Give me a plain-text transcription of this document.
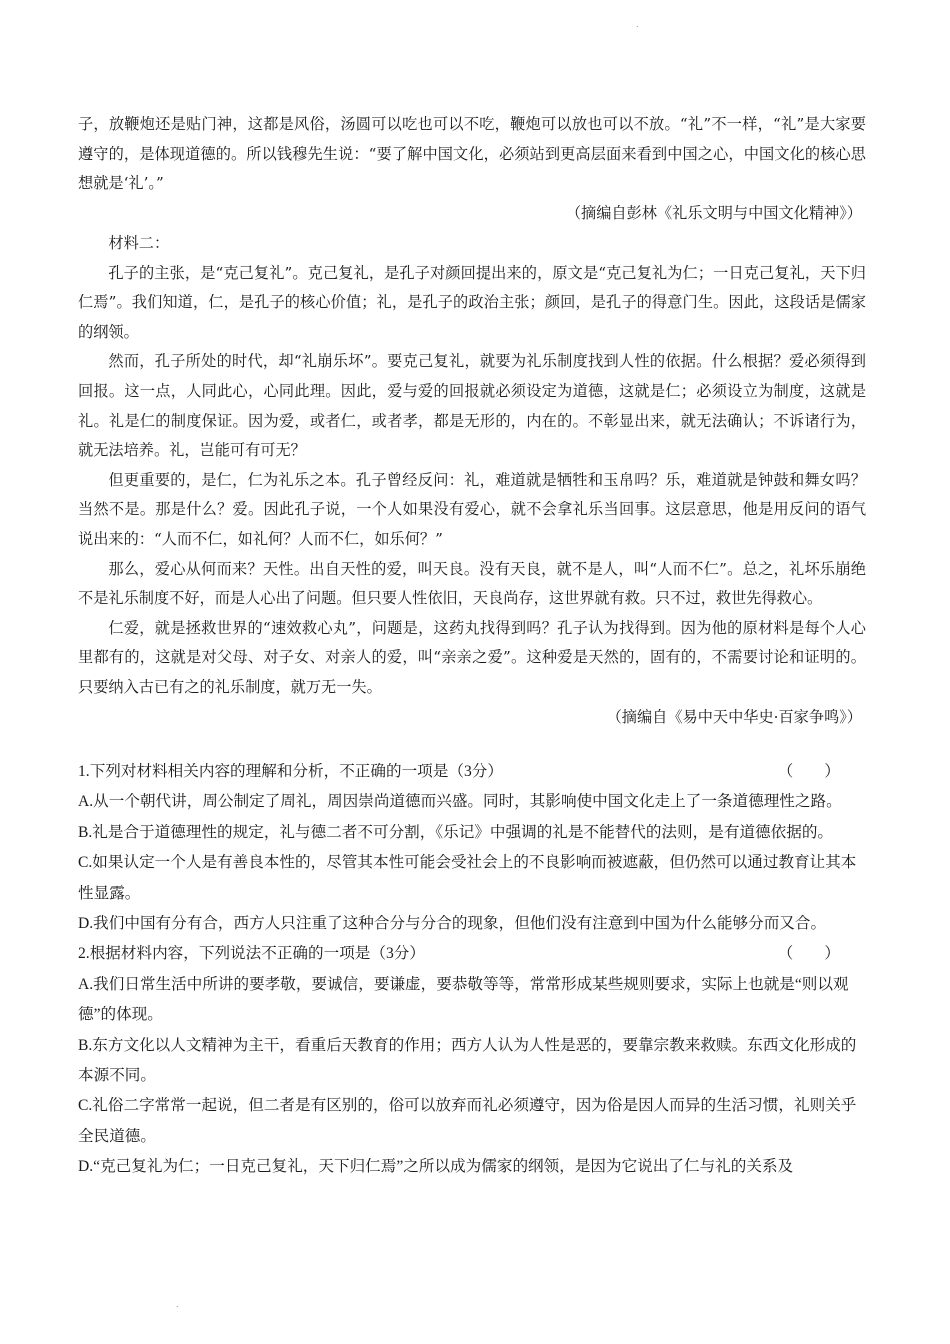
.

子，放鞭炮还是贴门神，这都是风俗，汤圆可以吃也可以不吃，鞭炮可以放也可以不放。“礼”不一样，“礼”是大家要遵守的，是体现道德的。所以钱穆先生说：“要了解中国文化，必须站到更高层面来看到中国之心，中国文化的核心思想就是‘礼’。”

（摘编自彭林《礼乐文明与中国文化精神》）

材料二：

孔子的主张，是“克己复礼”。克己复礼，是孔子对颜回提出来的，原文是“克己复礼为仁；一日克己复礼，天下归仁焉”。我们知道，仁，是孔子的核心价值；礼，是孔子的政治主张；颜回，是孔子的得意门生。因此，这段话是儒家的纲领。

然而，孔子所处的时代，却“礼崩乐坏”。要克己复礼，就要为礼乐制度找到人性的依据。什么根据？爱必须得到回报。这一点，人同此心，心同此理。因此，爱与爱的回报就必须设定为道德，这就是仁；必须设立为制度，这就是礼。礼是仁的制度保证。因为爱，或者仁，或者孝，都是无形的，内在的。不彰显出来，就无法确认；不诉诸行为，就无法培养。礼，岂能可有可无？

但更重要的，是仁，仁为礼乐之本。孔子曾经反问：礼，难道就是牺牲和玉帛吗？乐，难道就是钟鼓和舞女吗？当然不是。那是什么？爱。因此孔子说，一个人如果没有爱心，就不会拿礼乐当回事。这层意思，他是用反问的语气说出来的：“人而不仁，如礼何？人而不仁，如乐何？”

那么，爱心从何而来？天性。出自天性的爱，叫天良。没有天良，就不是人，叫“人而不仁”。总之，礼坏乐崩绝不是礼乐制度不好，而是人心出了问题。但只要人性依旧，天良尚存，这世界就有救。只不过，救世先得救心。

仁爱，就是拯救世界的“速效救心丸”，问题是，这药丸找得到吗？孔子认为找得到。因为他的原材料是每个人心里都有的，这就是对父母、对子女、对亲人的爱，叫“亲亲之爱”。这种爱是天然的，固有的，不需要讨论和证明的。只要纳入古已有之的礼乐制度，就万无一失。

（摘编自《易中天中华史·百家争鸣》）

1.下列对材料相关内容的理解和分析，不正确的一项是（3分）	（　　）

A.从一个朝代讲，周公制定了周礼，周因崇尚道德而兴盛。同时，其影响使中国文化走上了一条道德理性之路。

B.礼是合于道德理性的规定，礼与德二者不可分割，《乐记》中强调的礼是不能替代的法则，是有道德依据的。

C.如果认定一个人是有善良本性的，尽管其本性可能会受社会上的不良影响而被遮蔽，但仍然可以通过教育让其本性显露。

D.我们中国有分有合，西方人只注重了这种合分与分合的现象，但他们没有注意到中国为什么能够分而又合。

2.根据材料内容，下列说法不正确的一项是（3分）	（　　）

A.我们日常生活中所讲的要孝敬，要诚信，要谦虚，要恭敬等等，常常形成某些规则要求，实际上也就是“则以观德”的体现。

B.东方文化以人文精神为主干，看重后天教育的作用；西方人认为人性是恶的，要靠宗教来救赎。东西文化形成的本源不同。

C.礼俗二字常常一起说，但二者是有区别的，俗可以放弃而礼必须遵守，因为俗是因人而异的生活习惯，礼则关乎全民道德。

D.“克己复礼为仁；一日克己复礼，天下归仁焉”之所以成为儒家的纲领，是因为它说出了仁与礼的关系及

.
